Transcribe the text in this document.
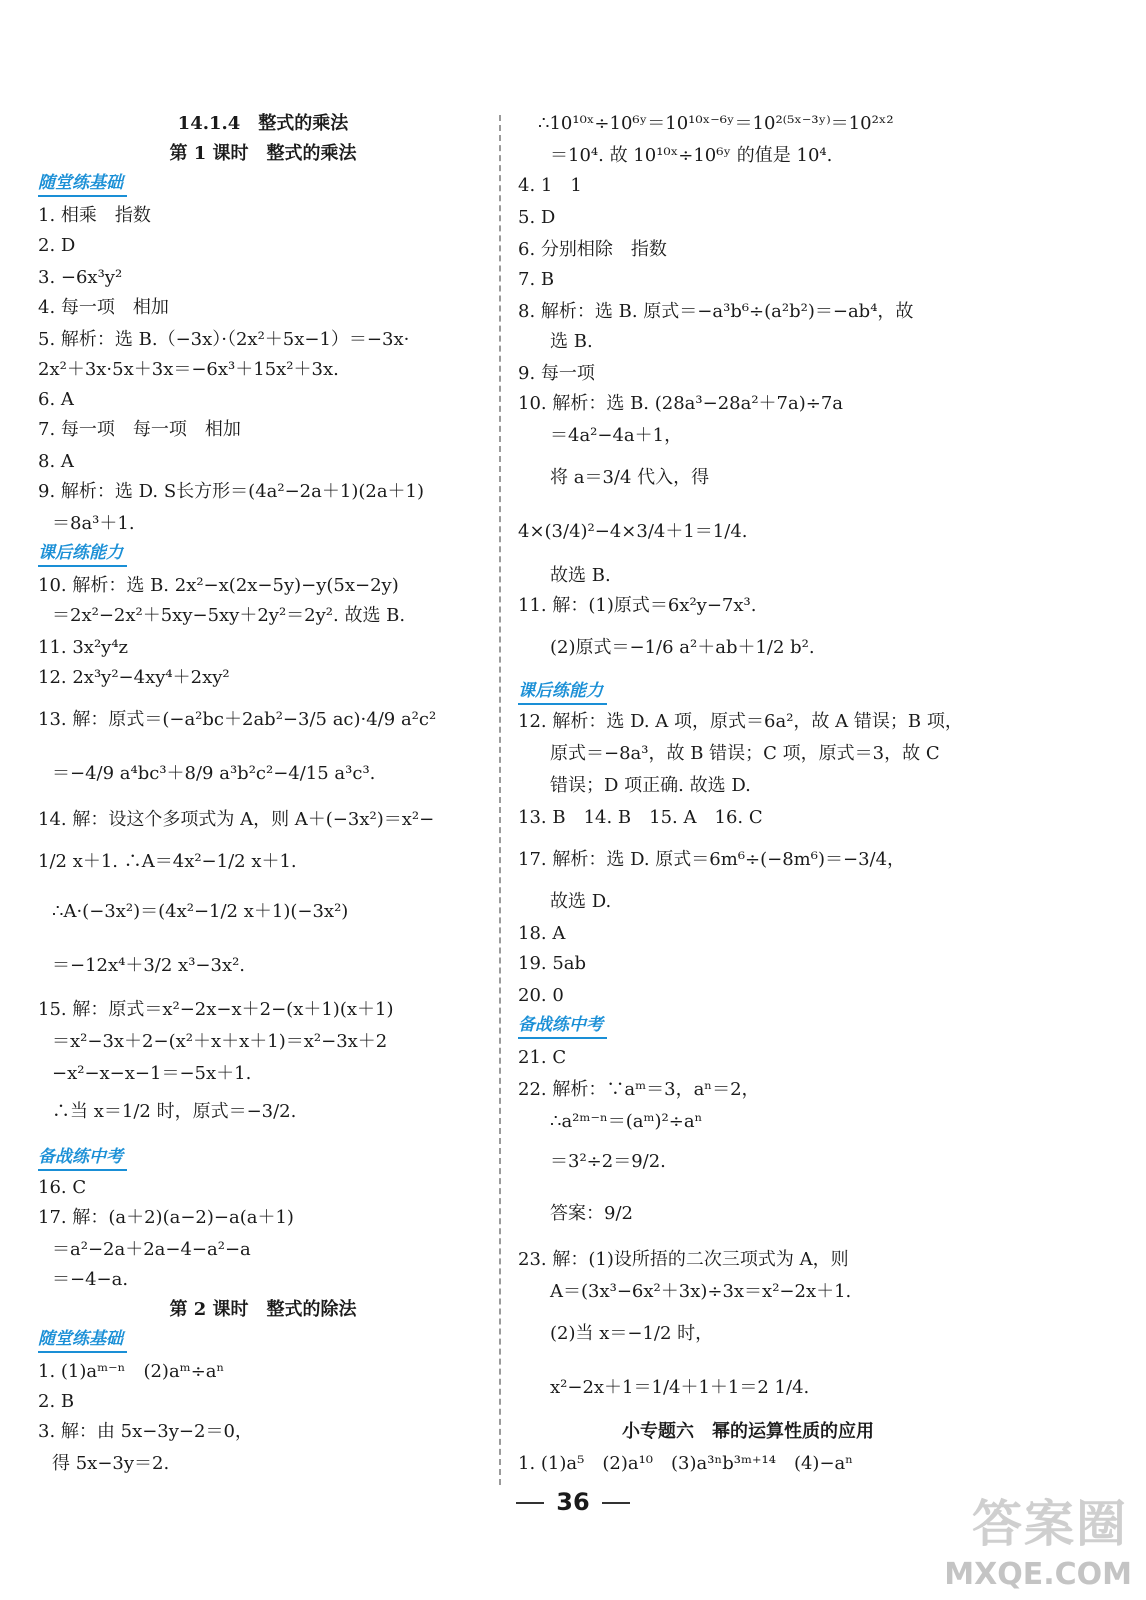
14.1.4　整式的乘法
第 1 课时　整式的乘法
随堂练基础
1. 相乘　指数
2. D
3. −6x³y²
4. 每一项　相加
5. 解析：选 B.（−3x）·（2x²＋5x−1）＝−3x·
2x²＋3x·5x＋3x＝−6x³＋15x²＋3x.
6. A
7. 每一项　每一项　相加
8. A
9. 解析：选 D. S长方形＝(4a²−2a＋1)(2a＋1)
＝8a³＋1.
课后练能力
10. 解析：选 B. 2x²−x(2x−5y)−y(5x−2y)
＝2x²−2x²＋5xy−5xy＋2y²＝2y². 故选 B.
11. 3x²y⁴z
12. 2x³y²−4xy⁴＋2xy²
13. 解：原式＝(−a²bc＋2ab²−3/5 ac)·4/9 a²c²
＝−4/9 a⁴bc³＋8/9 a³b²c²−4/15 a³c³.
14. 解：设这个多项式为 A，则 A＋(−3x²)＝x²−
1/2 x＋1. ∴A＝4x²−1/2 x＋1.
∴A·(−3x²)＝(4x²−1/2 x＋1)(−3x²)
＝−12x⁴＋3/2 x³−3x².
15. 解：原式＝x²−2x−x＋2−(x＋1)(x＋1)
＝x²−3x＋2−(x²＋x＋x＋1)＝x²−3x＋2
−x²−x−x−1＝−5x＋1.
∴当 x＝1/2 时，原式＝−3/2.
备战练中考
16. C
17. 解：(a＋2)(a−2)−a(a＋1)
＝a²−2a＋2a−4−a²−a
＝−4−a.
第 2 课时　整式的除法
随堂练基础
1. (1)aᵐ⁻ⁿ　(2)aᵐ÷aⁿ
2. B
3. 解：由 5x−3y−2＝0，
得 5x−3y＝2.
∴10¹⁰ˣ÷10⁶ʸ＝10¹⁰ˣ⁻⁶ʸ＝10²⁽⁵ˣ⁻³ʸ⁾＝10²ˣ²
＝10⁴. 故 10¹⁰ˣ÷10⁶ʸ 的值是 10⁴.
4. 1　1
5. D
6. 分别相除　指数
7. B
8. 解析：选 B. 原式＝−a³b⁶÷(a²b²)＝−ab⁴，故
选 B.
9. 每一项
10. 解析：选 B. (28a³−28a²＋7a)÷7a
＝4a²−4a＋1，
将 a＝3/4 代入，得
4×(3/4)²−4×3/4＋1＝1/4.
故选 B.
11. 解：(1)原式＝6x²y−7x³.
(2)原式＝−1/6 a²＋ab＋1/2 b².
课后练能力
12. 解析：选 D. A 项，原式＝6a²，故 A 错误；B 项，
原式＝−8a³，故 B 错误；C 项，原式＝3，故 C
错误；D 项正确. 故选 D.
13. B　14. B　15. A　16. C
17. 解析：选 D. 原式＝6m⁶÷(−8m⁶)＝−3/4，
故选 D.
18. A
19. 5ab
20. 0
备战练中考
21. C
22. 解析：∵aᵐ＝3，aⁿ＝2，
∴a²ᵐ⁻ⁿ＝(aᵐ)²÷aⁿ
＝3²÷2＝9/2.
答案：9/2
23. 解：(1)设所捂的二次三项式为 A，则
A＝(3x³−6x²＋3x)÷3x＝x²−2x＋1.
(2)当 x＝−1/2 时，
x²−2x＋1＝1/4＋1＋1＝2 1/4.
小专题六　幂的运算性质的应用
1. (1)a⁵　(2)a¹⁰　(3)a³ⁿb³ᵐ⁺¹⁴　(4)−aⁿ
36	答案圈
MXQE.COM
